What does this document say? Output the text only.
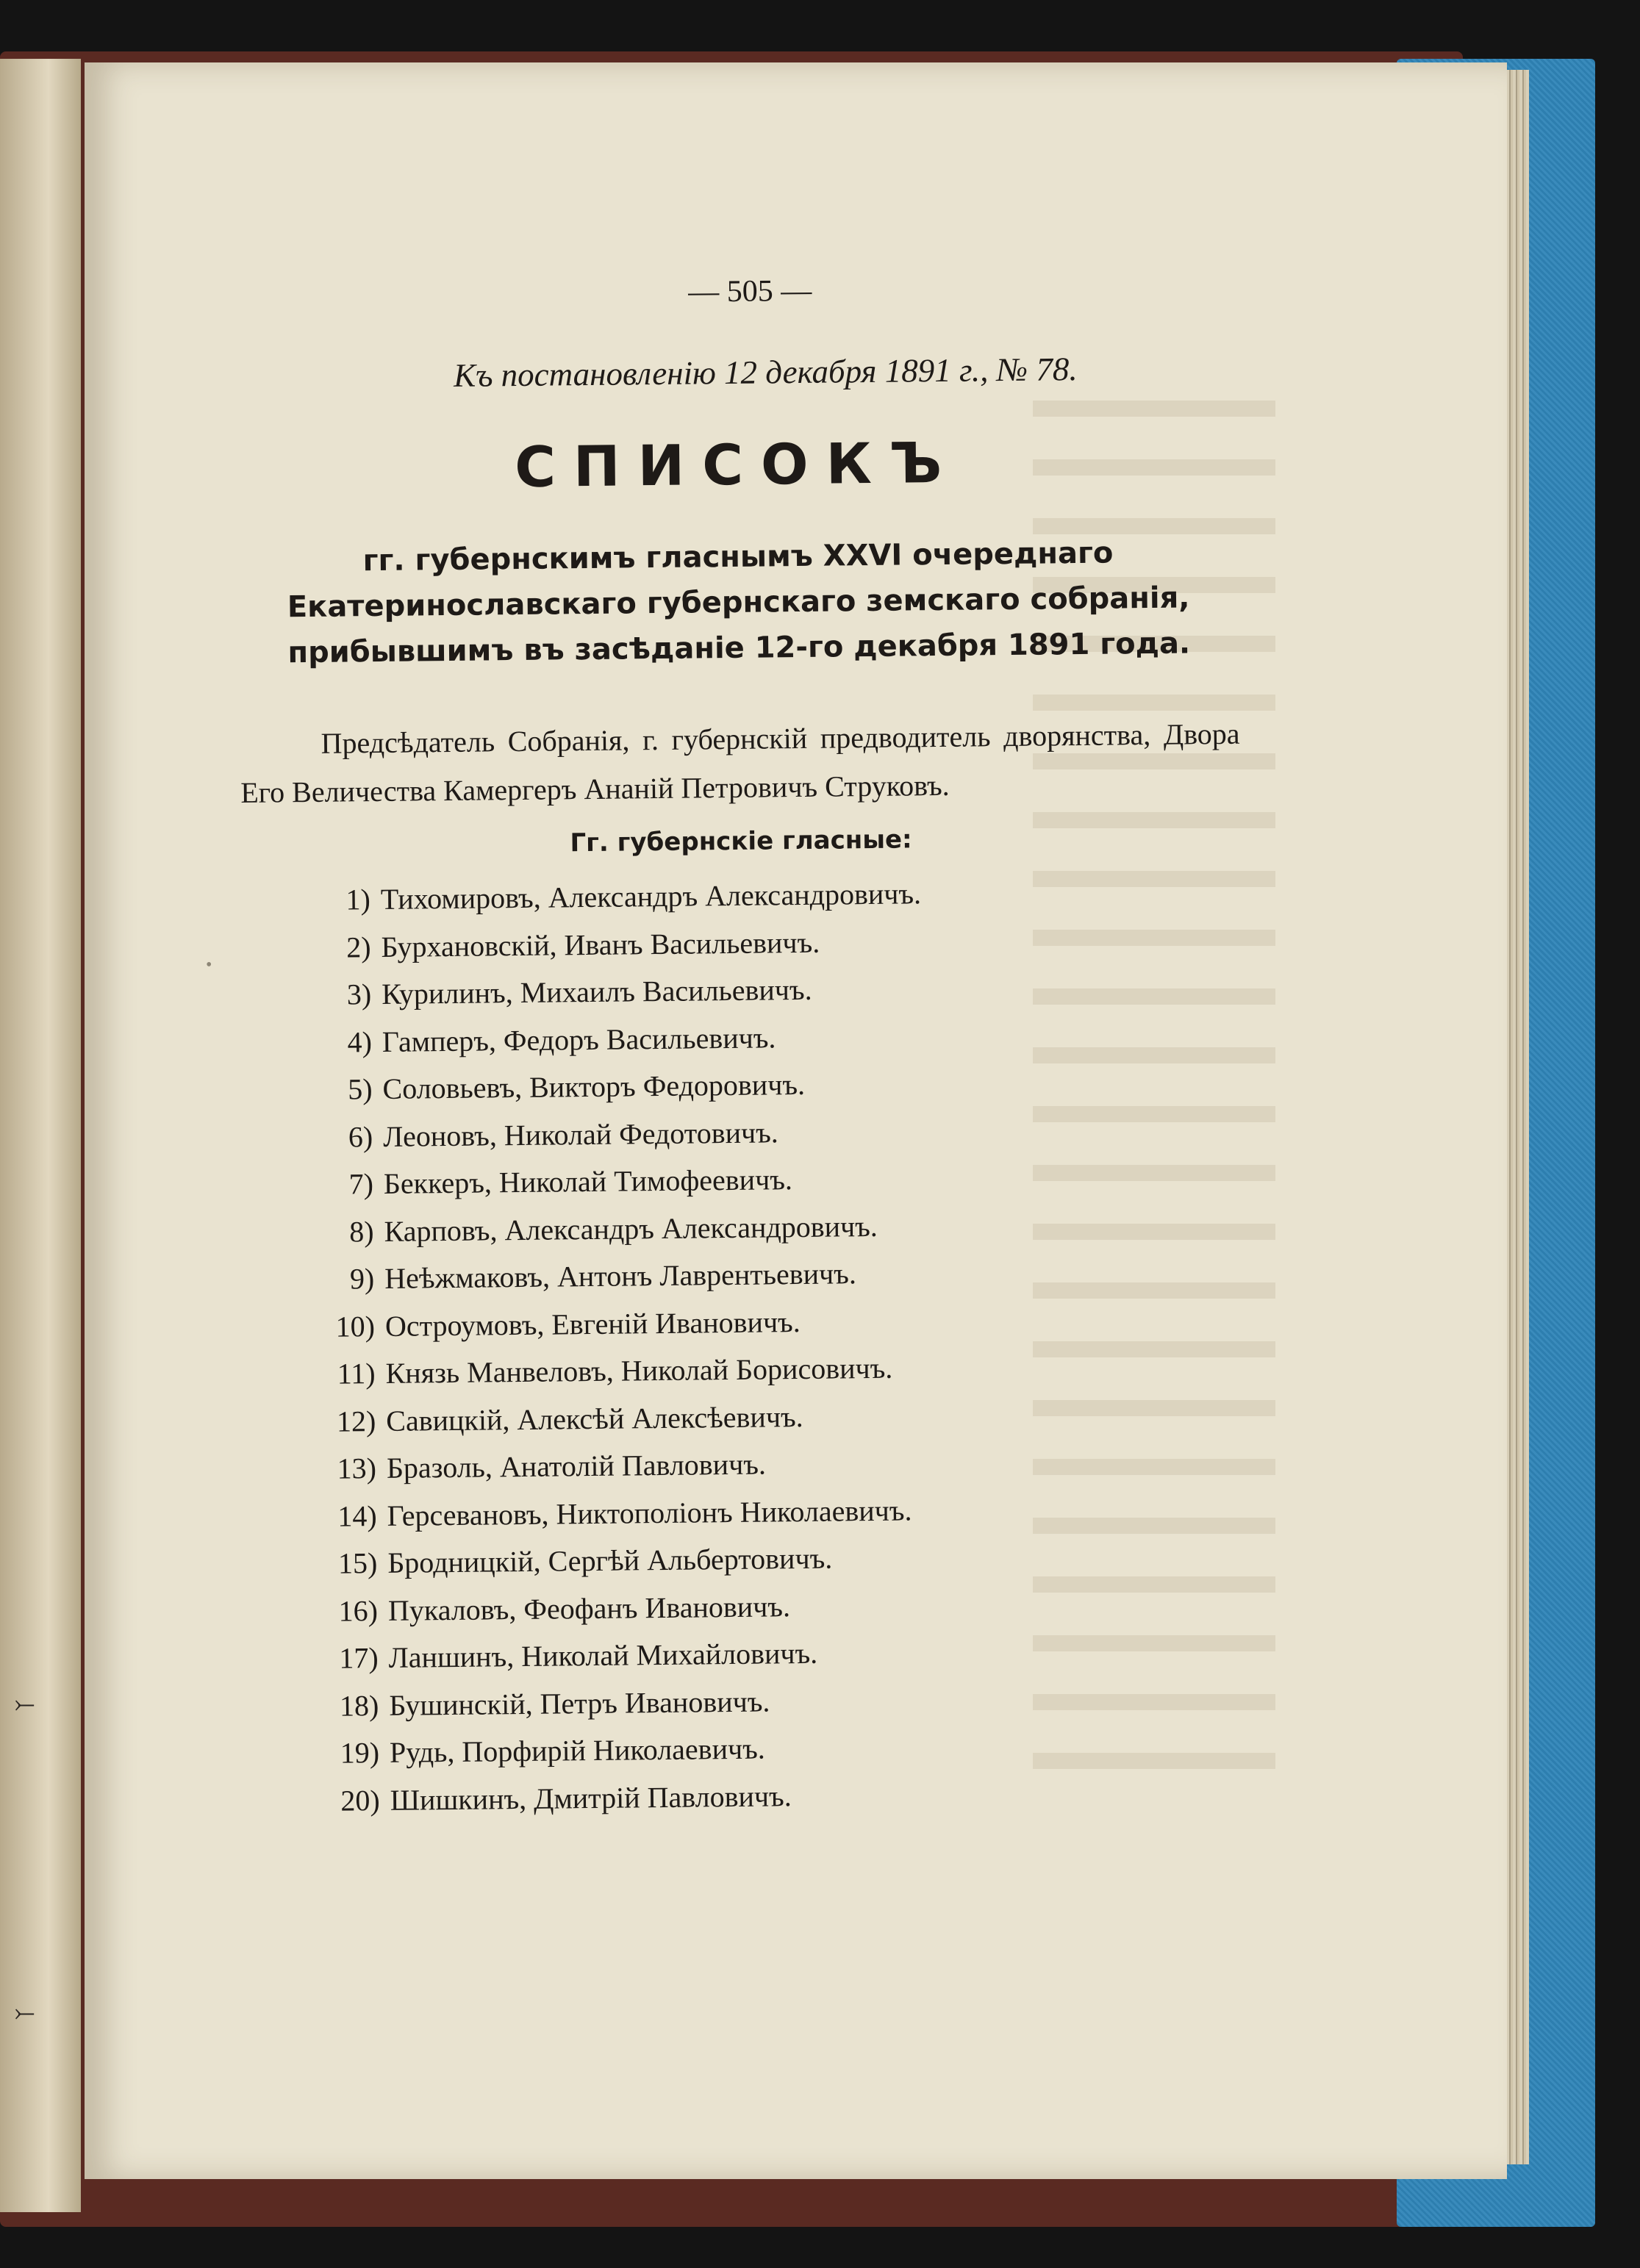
— 505 —
Къ постановленію 12 декабря 1891 г., № 78.
СПИСОКЪ
гг. губернскимъ гласнымъ XXVI очереднаго Екатеринославскаго губернскаго земскаго собранія, прибывшимъ въ засѣданіе 12-го декабря 1891 года.
Предсѣдатель Собранія, г. губернскій предводитель дворянства, Двора Его Величества Камергеръ Ананій Петровичъ Струковъ.
Гг. губернскіе гласные:
1) Тихомировъ, Александръ Александровичъ.
2) Бурхановскій, Иванъ Васильевичъ.
3) Курилинъ, Михаилъ Васильевичъ.
4) Гамперъ, Федоръ Васильевичъ.
5) Соловьевъ, Викторъ Федоровичъ.
6) Леоновъ, Николай Федотовичъ.
7) Беккеръ, Николай Тимофеевичъ.
8) Карповъ, Александръ Александровичъ.
9) Неѣжмаковъ, Антонъ Лаврентьевичъ.
10) Остроумовъ, Евгеній Ивановичъ.
11) Князь Манвеловъ, Николай Борисовичъ.
12) Савицкій, Алексѣй Алексѣевичъ.
13) Бразоль, Анатолій Павловичъ.
14) Герсевановъ, Никтополіонъ Николаевичъ.
15) Бродницкій, Сергѣй Альбертовичъ.
16) Пукаловъ, Феофанъ Ивановичъ.
17) Ланшинъ, Николай Михайловичъ.
18) Бушинскій, Петръ Ивановичъ.
19) Рудь, Порфирій Николаевичъ.
20) Шишкинъ, Дмитрій Павловичъ.
⤚
⤚
•
